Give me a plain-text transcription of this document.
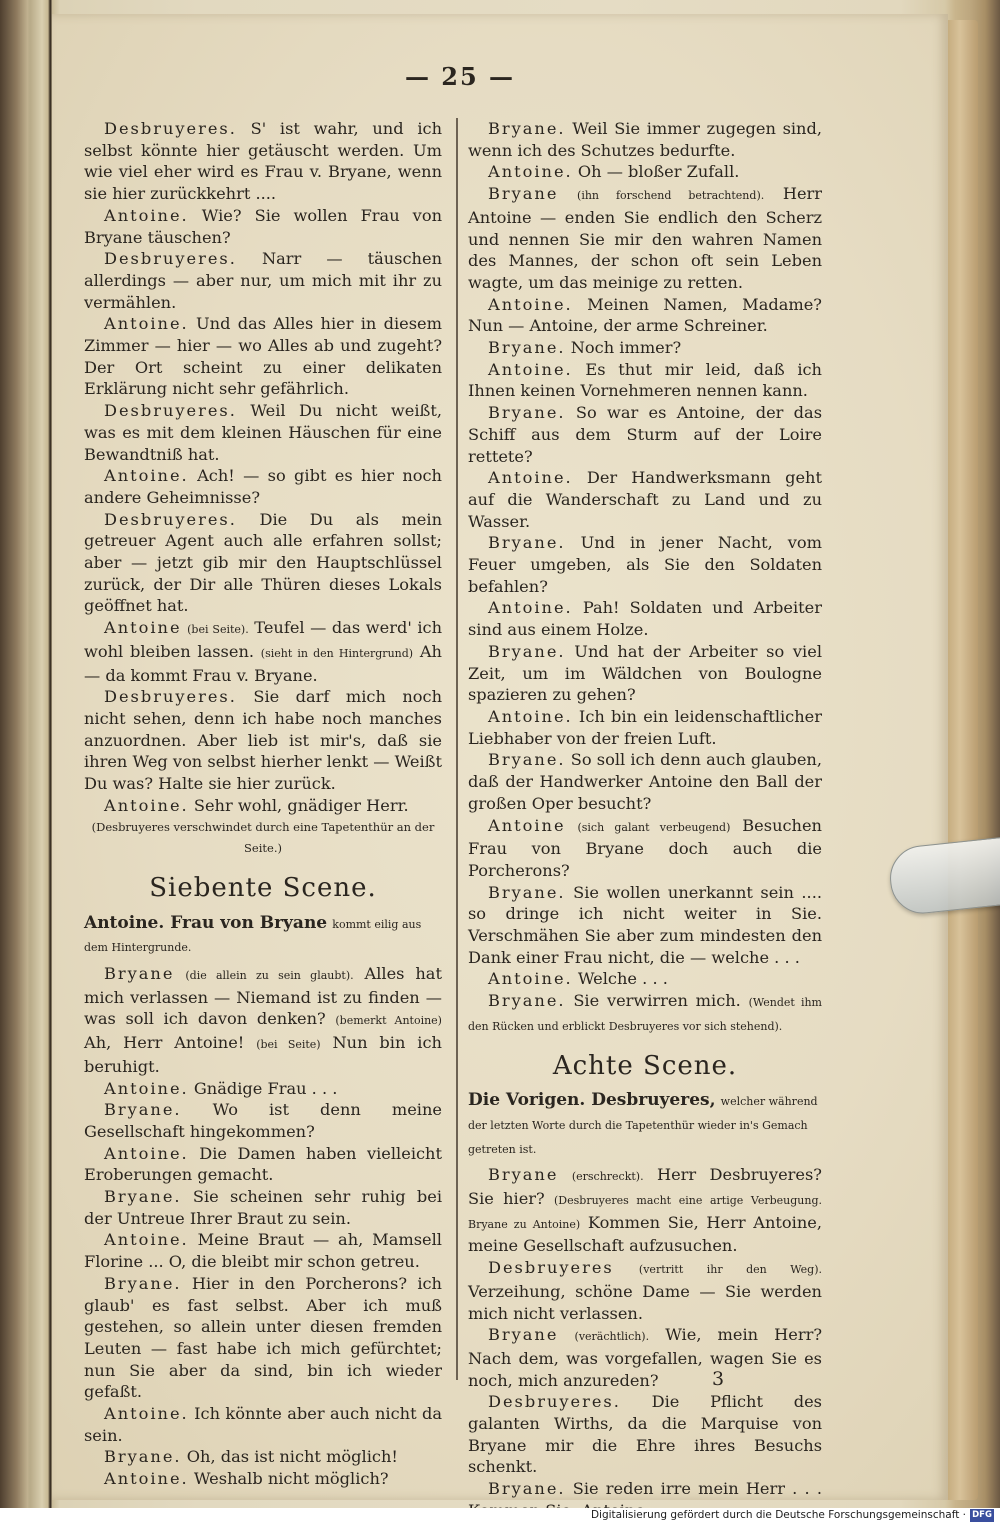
— 25 —

Desbruyeres. S' ist wahr, und ich selbst könnte hier getäuscht werden. Um wie viel eher wird es Frau v. Bryane, wenn sie hier zurückkehrt ....

Antoine. Wie? Sie wollen Frau von Bryane täuschen?

Desbruyeres. Narr — täuschen allerdings — aber nur, um mich mit ihr zu vermählen.

Antoine. Und das Alles hier in diesem Zimmer — hier — wo Alles ab und zugeht? Der Ort scheint zu einer delikaten Erklärung nicht sehr gefährlich.

Desbruyeres. Weil Du nicht weißt, was es mit dem kleinen Häuschen für eine Bewandtniß hat.

Antoine. Ach! — so gibt es hier noch andere Geheimnisse?

Desbruyeres. Die Du als mein getreuer Agent auch alle erfahren sollst; aber — jetzt gib mir den Hauptschlüssel zurück, der Dir alle Thüren dieses Lokals geöffnet hat.

Antoine (bei Seite). Teufel — das werd' ich wohl bleiben lassen. (sieht in den Hintergrund) Ah — da kommt Frau v. Bryane.

Desbruyeres. Sie darf mich noch nicht sehen, denn ich habe noch manches anzuordnen. Aber lieb ist mir's, daß sie ihren Weg von selbst hierher lenkt — Weißt Du was? Halte sie hier zurück.

Antoine. Sehr wohl, gnädiger Herr.

(Desbruyeres verschwindet durch eine Tapetenthür an der Seite.)

Siebente Scene.

Antoine. Frau von Bryane kommt eilig aus dem Hintergrunde.

Bryane (die allein zu sein glaubt). Alles hat mich verlassen — Niemand ist zu finden — was soll ich davon denken? (bemerkt Antoine) Ah, Herr Antoine! (bei Seite) Nun bin ich beruhigt.

Antoine. Gnädige Frau . . .

Bryane. Wo ist denn meine Gesellschaft hingekommen?

Antoine. Die Damen haben vielleicht Eroberungen gemacht.

Bryane. Sie scheinen sehr ruhig bei der Untreue Ihrer Braut zu sein.

Antoine. Meine Braut — ah, Mamsell Florine ... O, die bleibt mir schon getreu.

Bryane. Hier in den Porcherons? ich glaub' es fast selbst. Aber ich muß gestehen, so allein unter diesen fremden Leuten — fast habe ich mich gefürchtet; nun Sie aber da sind, bin ich wieder gefaßt.

Antoine. Ich könnte aber auch nicht da sein.

Bryane. Oh, das ist nicht möglich!

Antoine. Weshalb nicht möglich?

Bryane. Weil Sie immer zugegen sind, wenn ich des Schutzes bedurfte.

Antoine. Oh — bloßer Zufall.

Bryane (ihn forschend betrachtend). Herr Antoine — enden Sie endlich den Scherz und nennen Sie mir den wahren Namen des Mannes, der schon oft sein Leben wagte, um das meinige zu retten.

Antoine. Meinen Namen, Madame? Nun — Antoine, der arme Schreiner.

Bryane. Noch immer?

Antoine. Es thut mir leid, daß ich Ihnen keinen Vornehmeren nennen kann.

Bryane. So war es Antoine, der das Schiff aus dem Sturm auf der Loire rettete?

Antoine. Der Handwerksmann geht auf die Wanderschaft zu Land und zu Wasser.

Bryane. Und in jener Nacht, vom Feuer umgeben, als Sie den Soldaten befahlen?

Antoine. Pah! Soldaten und Arbeiter sind aus einem Holze.

Bryane. Und hat der Arbeiter so viel Zeit, um im Wäldchen von Boulogne spazieren zu gehen?

Antoine. Ich bin ein leidenschaftlicher Liebhaber von der freien Luft.

Bryane. So soll ich denn auch glauben, daß der Handwerker Antoine den Ball der großen Oper besucht?

Antoine (sich galant verbeugend) Besuchen Frau von Bryane doch auch die Porcherons?

Bryane. Sie wollen unerkannt sein .... so dringe ich nicht weiter in Sie. Verschmähen Sie aber zum mindesten den Dank einer Frau nicht, die — welche . . .

Antoine. Welche . . .

Bryane. Sie verwirren mich. (Wendet ihm den Rücken und erblickt Desbruyeres vor sich stehend).

Achte Scene.

Die Vorigen. Desbruyeres, welcher während der letzten Worte durch die Tapetenthür wieder in's Gemach getreten ist.

Bryane (erschreckt). Herr Desbruyeres? Sie hier? (Desbruyeres macht eine artige Verbeugung. Bryane zu Antoine) Kommen Sie, Herr Antoine, meine Gesellschaft aufzusuchen.

Desbruyeres (vertritt ihr den Weg). Verzeihung, schöne Dame — Sie werden mich nicht verlassen.

Bryane (verächtlich). Wie, mein Herr? Nach dem, was vorgefallen, wagen Sie es noch, mich anzureden?

Desbruyeres. Die Pflicht des galanten Wirths, da die Marquise von Bryane mir die Ehre ihres Besuchs schenkt.

Bryane. Sie reden irre mein Herr . . .

3
Digitalisierung gefördert durch die Deutsche Forschungsgemeinschaft · DFG
